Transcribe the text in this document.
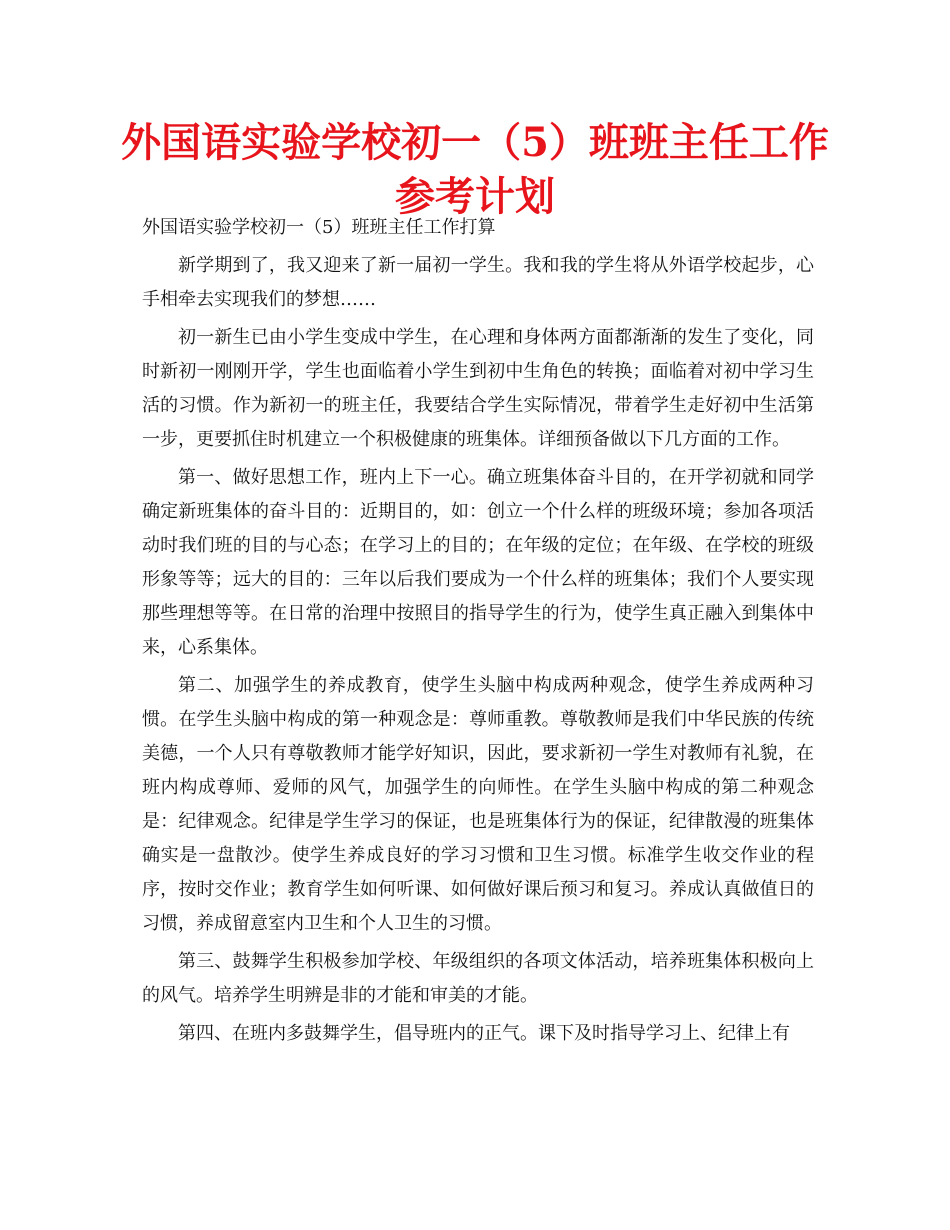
外国语实验学校初一（5）班班主任工作参考计划

外国语实验学校初一（5）班班主任工作打算

新学期到了，我又迎来了新一届初一学生。我和我的学生将从外语学校起步，心手相牵去实现我们的梦想……

初一新生已由小学生变成中学生，在心理和身体两方面都渐渐的发生了变化，同时新初一刚刚开学，学生也面临着小学生到初中生角色的转换；面临着对初中学习生活的习惯。作为新初一的班主任，我要结合学生实际情况，带着学生走好初中生活第一步，更要抓住时机建立一个积极健康的班集体。详细预备做以下几方面的工作。

第一、做好思想工作，班内上下一心。确立班集体奋斗目的，在开学初就和同学确定新班集体的奋斗目的：近期目的，如：创立一个什么样的班级环境；参加各项活动时我们班的目的与心态；在学习上的目的；在年级的定位；在年级、在学校的班级形象等等；远大的目的：三年以后我们要成为一个什么样的班集体；我们个人要实现那些理想等等。在日常的治理中按照目的指导学生的行为，使学生真正融入到集体中来，心系集体。

第二、加强学生的养成教育，使学生头脑中构成两种观念，使学生养成两种习惯。在学生头脑中构成的第一种观念是：尊师重教。尊敬教师是我们中华民族的传统美德，一个人只有尊敬教师才能学好知识，因此，要求新初一学生对教师有礼貌，在班内构成尊师、爱师的风气，加强学生的向师性。在学生头脑中构成的第二种观念是：纪律观念。纪律是学生学习的保证，也是班集体行为的保证，纪律散漫的班集体确实是一盘散沙。使学生养成良好的学习习惯和卫生习惯。标准学生收交作业的程序，按时交作业；教育学生如何听课、如何做好课后预习和复习。养成认真做值日的习惯，养成留意室内卫生和个人卫生的习惯。

第三、鼓舞学生积极参加学校、年级组织的各项文体活动，培养班集体积极向上的风气。培养学生明辨是非的才能和审美的才能。

第四、在班内多鼓舞学生，倡导班内的正气。课下及时指导学习上、纪律上有
